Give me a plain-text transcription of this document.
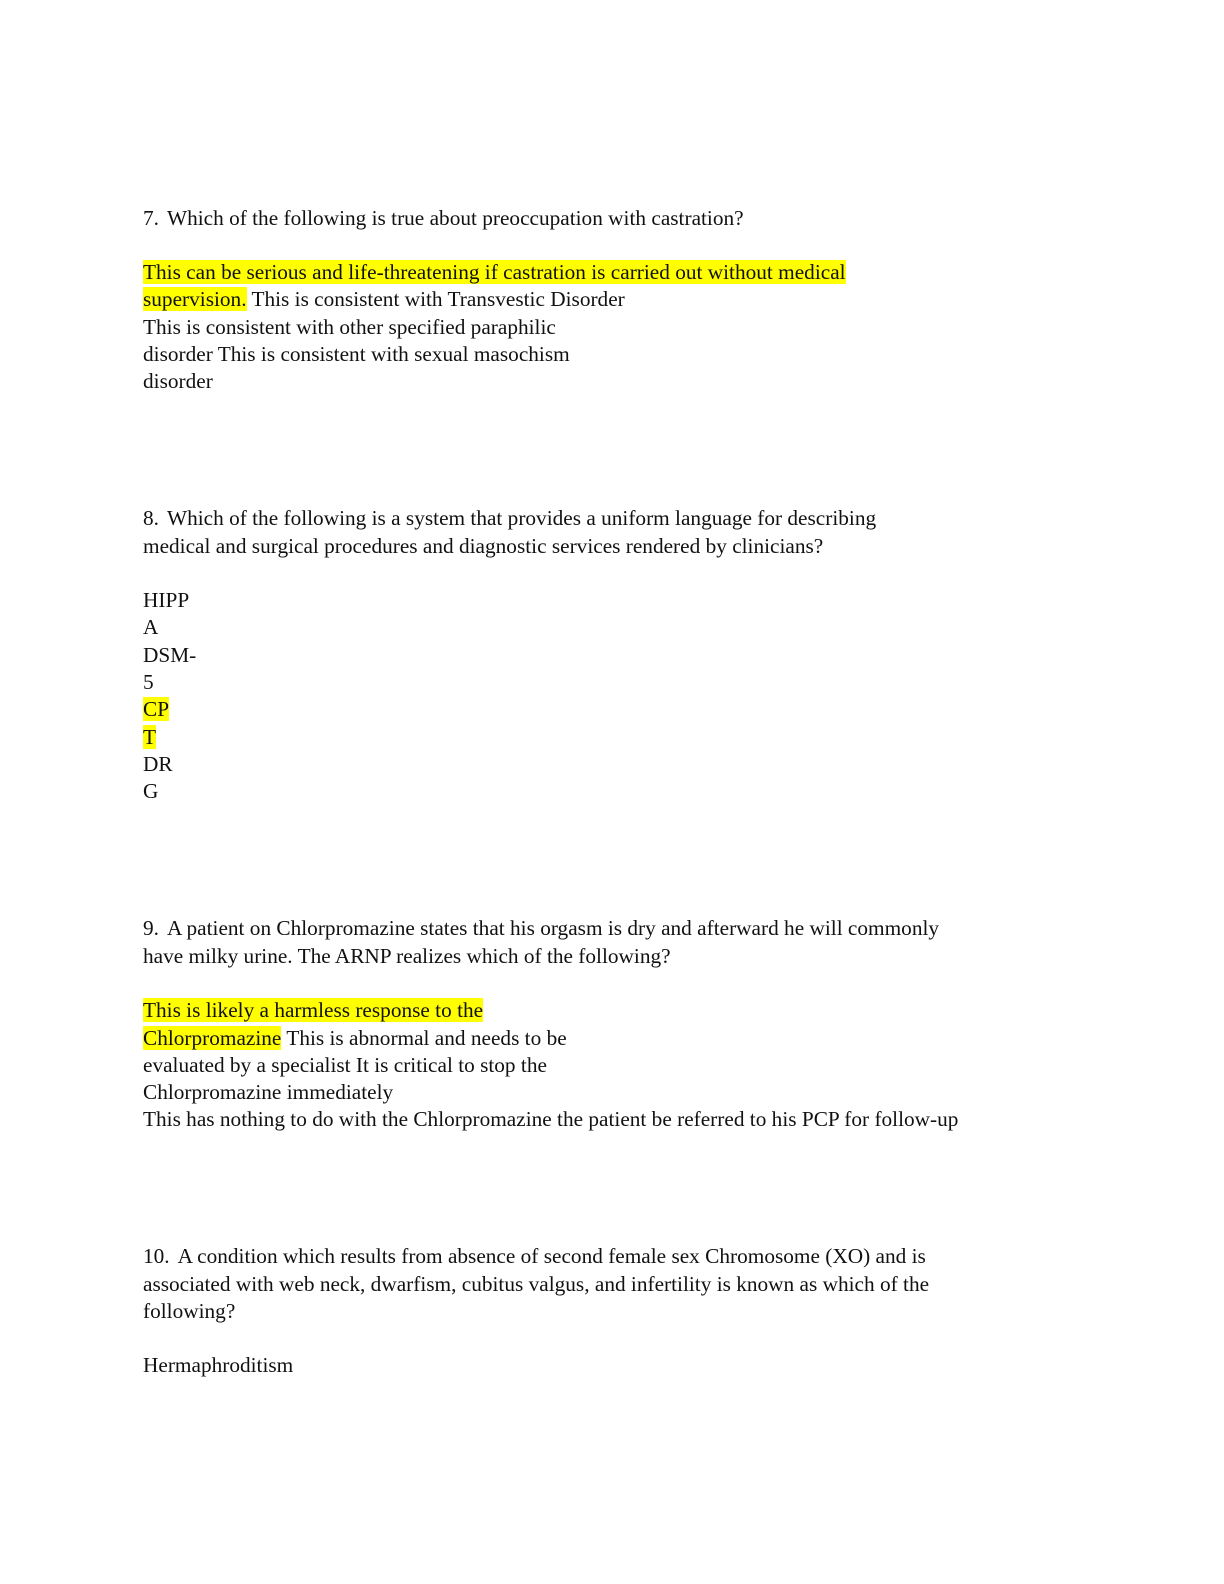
7. Which of the following is true about preoccupation with castration?
This can be serious and life-threatening if castration is carried out without medical
supervision. This is consistent with Transvestic Disorder
This is consistent with other specified paraphilic
disorder This is consistent with sexual masochism
disorder
8. Which of the following is a system that provides a uniform language for describing
medical and surgical procedures and diagnostic services rendered by clinicians?
HIPP
A
DSM-
5
CP
T
DR
G
9. A patient on Chlorpromazine states that his orgasm is dry and afterward he will commonly
have milky urine. The ARNP realizes which of the following?
This is likely a harmless response to the
Chlorpromazine This is abnormal and needs to be
evaluated by a specialist It is critical to stop the
Chlorpromazine immediately
This has nothing to do with the Chlorpromazine the patient be referred to his PCP for follow-up
10. A condition which results from absence of second female sex Chromosome (XO) and is
associated with web neck, dwarfism, cubitus valgus, and infertility is known as which of the
following?
Hermaphroditism
